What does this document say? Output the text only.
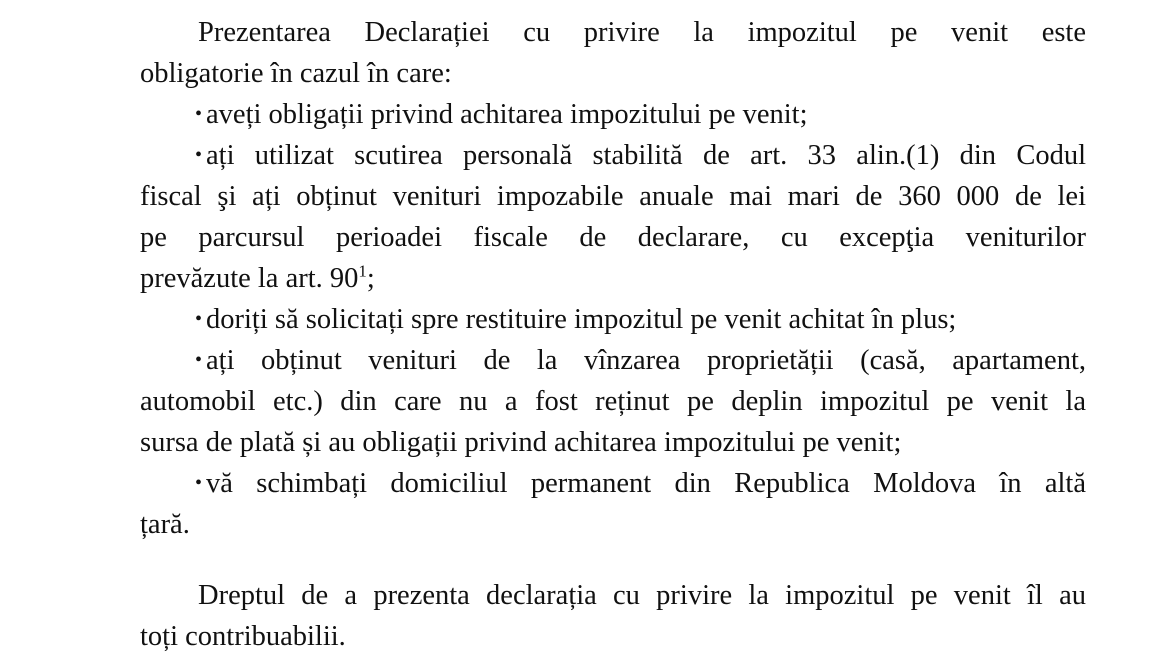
Prezentarea Declarației cu privire la impozitul pe venit este
obligatorie în cazul în care:
• aveți obligații privind achitarea impozitului pe venit;
• ați utilizat scutirea personală stabilită de art. 33 alin.(1) din Codul
fiscal şi ați obținut venituri impozabile anuale mai mari de 360 000 de lei
pe parcursul perioadei fiscale de declarare, cu excepţia veniturilor
prevăzute la art. $90^1$;
• doriți să solicitați spre restituire impozitul pe venit achitat în plus;
• ați obținut venituri de la vînzarea proprietății (casă, apartament,
automobil etc.) din care nu a fost reținut pe deplin impozitul pe venit la
sursa de plată și au obligații privind achitarea impozitului pe venit;
• vă schimbați domiciliul permanent din Republica Moldova în altă
țară.
Dreptul de a prezenta declarația cu privire la impozitul pe venit îl au
toți contribuabilii.
